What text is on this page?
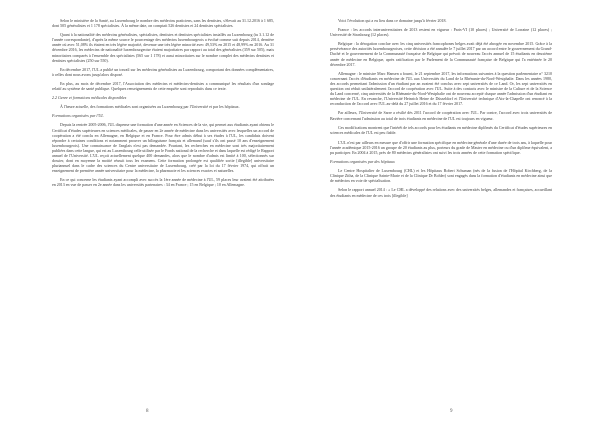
Selon le ministère de la Santé, au Luxembourg le nombre des médecins praticiens, sans les dentistes, s'élevait au 31.12.2016 à 1 685, dont 505 généralistes et 1 178 spécialistes. À la même date, on comptait 526 dentistes et 24 dentistes spécialistes.

Quant à la nationalité des médecins généralistes, spécialistes, dentistes et dentistes spécialistes installés au Luxembourg (tu 3.1.12 de l'année correspondante), d'après la même source le pourcentage des médecins luxembourgeois a évolué comme suit depuis 2014, dernière année où avec 51,08% ils étaient en très légère majorité, devenue une très légère minorité avec 49,53% en 2015 et 48,99% en 2016. Au 31 décembre 2016, les médecins de nationalité luxembourgeoise étaient majoritaires par rapport au total des généralistes (359 sur 505), mais minoritaires comparés à l'ensemble des spécialistes (565 sur 1 178) et aussi minoritaires sur le nombre complet des médecins dentistes et dentistes spécialistes (250 sur 550).

En décembre 2017, l'UL a publié un travail sur les médecins généralistes au Luxembourg, comportant des données complémentaires, à celles dont nous avons jusqu'alors disposé.

En plus, au mois de décembre 2017, l'Association des médecins et médecins-dentistes a communiqué les résultats d'un sondage relatif au système de santé publique. Quelques renseignements de cette enquête sont reproduits dans ce texte.

2.2 Genre et formations médicales disponibles

À l'heure actuelle, des formations médicales sont organisées au Luxembourg par l'Université et par les hôpitaux.

Formations organisées par l'UL

Depuis la rentrée 2005-2006, l'UL dispense une formation d'une année en Sciences de la vie, qui permet aux étudiants ayant obtenu le Certificat d'études supérieures en sciences médicales, de passer en 2e année de médecine dans les universités avec lesquelles un accord de coopération a été conclu en Allemagne, en Belgique et en France. Pour être admis début à ses études à l'UL, les candidats doivent répondre à certaines conditions et notamment prouver un bilinguisme français et allemand (sauf s'ils ont passé 10 ans d'enseignement luxembourgeois). Une connaissance de l'anglais n'est pas demandée. Pourtant, les recherches en médecine sont très majoritairement publiées dans cette langue, qui est au Luxembourg celle utilisée par le Fonds national de la recherche et dans laquelle est rédigé le Rapport annuel de l'Université. L'UL reçoit actuellement quelque 400 demandes, alors que le nombre d'admis est limité à 100, sélectionnés sur dossier, dont en moyenne la moitié réussit tous les examens. Cette formation prolongée est qualifiée sortie [illegible] universitaire pluriannuel dans le cadre des sciences du Centre universitaire de Luxembourg, créé par la loi du 17 février 1974, qui offrait un enseignement de première année universitaire pour la médecine, la pharmacie et les sciences exactes et naturelles.

En ce qui concerne les étudiants ayant accompli avec succès la 1ère année de médecine à l'UL, 59 places leur avaient été attribuées en 2013 en vue de passer en 2e année dans les universités partenaires : 34 en France ; 15 en Belgique ; 10 en Allemagne.

8

Voici l'évolution qui a eu lieu dans ce domaine jusqu'à février 2018.

France : les accords interuniversitaires de 2013 restent en vigueur : Paris-VI (10 places) ; Université de Lorraine (12 places) ; Université de Strasbourg (12 places).

Belgique : la dérogation conclue avec les cinq universités francophones belges avait déjà été abrogée en novembre 2015. Grâce à la persévérance des autorités luxembourgeoises, cette décision a été annulée le 7 juillet 2017 par un accord entre le gouvernement du Grand-Duché et le gouvernement de la Communauté française de Belgique qui prévoit de nouveau l'accès annuel de 15 étudiants en deuxième année de médecine en Belgique, après ratification par le Parlement de la Communauté française de Belgique qui l'a entérinée le 20 décembre 2017.

Allemagne : le ministre Marc Hansen a fourni, le 21 septembre 2017, les informations suivantes à la question parlementaire n° 3210 concernant l'accès d'étudiants en médecine de l'UL aux Universités du Land de la Rhénanie-du-Nord-Westphalie. Dans les années 1980, des accords permettant l'admission d'un étudiant par an avaient été conclus avec sept universités de ce Land. Or, les sept universités en question ont réduit unilatéralement l'accord de coopération avec l'UL. Suite à des contacts avec le ministre de la Culture et de la Science du Land concerné, cinq universités de la Rhénanie-du-Nord-Westphalie ont de nouveau accepté chaque année l'admission d'un étudiant en médecine de l'UL. En revanche, l'Université Heinrich Heine de Düsseldorf et l'Université technique d'Aix-la-Chapelle ont renoncé à la reconduction de l'accord avec l'UL au-delà du 27 juillet 2016 et du 17 février 2017.

Par ailleurs, l'Université de Sarre a résilié dès 2011 l'accord de coopération avec l'UL. Par contre, l'accord avec trois universités de Bavière concernant l'admission au total de trois étudiants en médecine de l'UL est toujours en vigueur.

Ces modifications montrent que l'intérêt de tels accords pour les étudiants en médecine diplômés du Certificat d'études supérieures en sciences médicales de l'UL est peu fiable.

L'UL n'est par ailleurs en mesure que d'offrir une formation spécifique en médecine générale d'une durée de trois ans, à laquelle pour l'année académique 2015-2016 un groupe de 20 étudiants au plus, porteurs du grade de Master en médecine ou d'un diplôme équivalent, a pu participer. En 2004 à 2015, près de 80 médecins généralistes ont suivi les trois années de cette formation spécifique.

Formations organisées par des hôpitaux

Le Centre Hospitalier de Luxembourg (CHL) et les Hôpitaux Robert Schuman (nés de la fusion de l'Hôpital Kirchberg, de la Clinique Zitha, de la Clinique Sainte-Marie et de la Clinique Dr Bohler) sont engagés dans la formation d'étudiants en médecine ainsi que de médecins en voie de spécialisation.

Selon le rapport annuel 2014 : « Le CHL a développé des relations avec des universités belges, allemandes et françaises, accueillant des étudiants en médecine de ces trois [illegible]

9
